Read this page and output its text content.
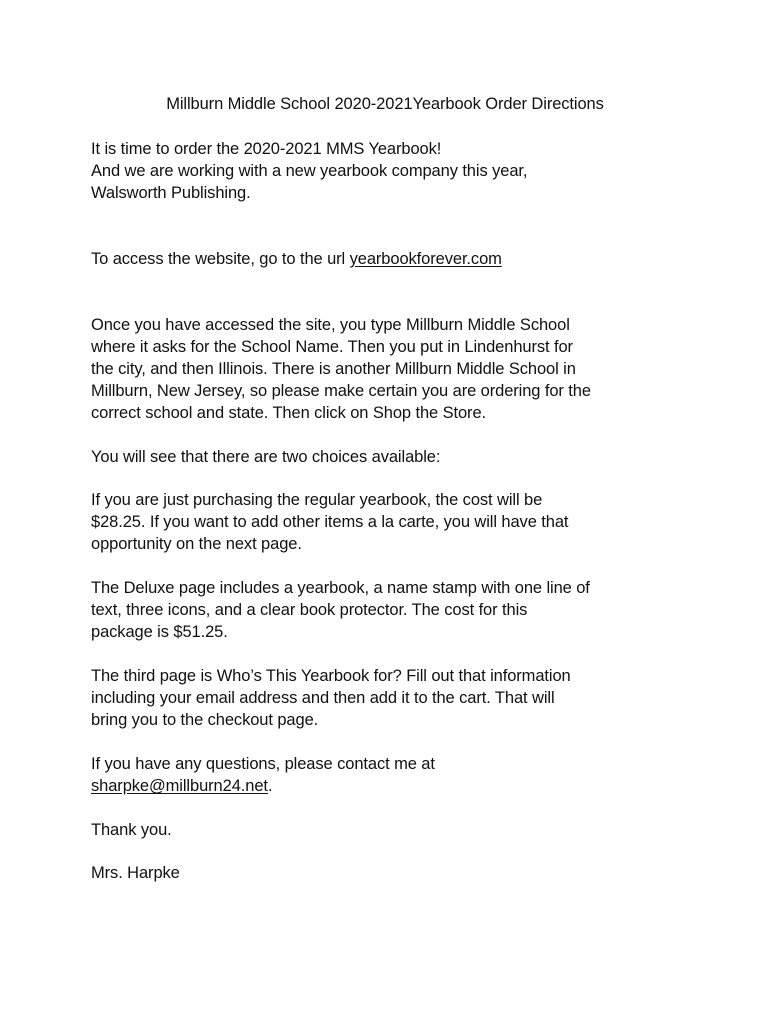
Millburn Middle School 2020-2021Yearbook Order Directions
It is time to order the 2020-2021 MMS Yearbook!
And we are working with a new yearbook company this year,
Walsworth Publishing.
To access the website, go to the url yearbookforever.com
Once you have accessed the site, you type Millburn Middle School
where it asks for the School Name. Then you put in Lindenhurst for
the city, and then Illinois. There is another Millburn Middle School in
Millburn, New Jersey, so please make certain you are ordering for the
correct school and state. Then click on Shop the Store.
You will see that there are two choices available:
If you are just purchasing the regular yearbook, the cost will be
$28.25. If you want to add other items a la carte, you will have that
opportunity on the next page.
The Deluxe page includes a yearbook, a name stamp with one line of
text, three icons, and a clear book protector. The cost for this
package is $51.25.
The third page is Who’s This Yearbook for? Fill out that information
including your email address and then add it to the cart. That will
bring you to the checkout page.
If you have any questions, please contact me at
sharpke@millburn24.net.
Thank you.
Mrs. Harpke
